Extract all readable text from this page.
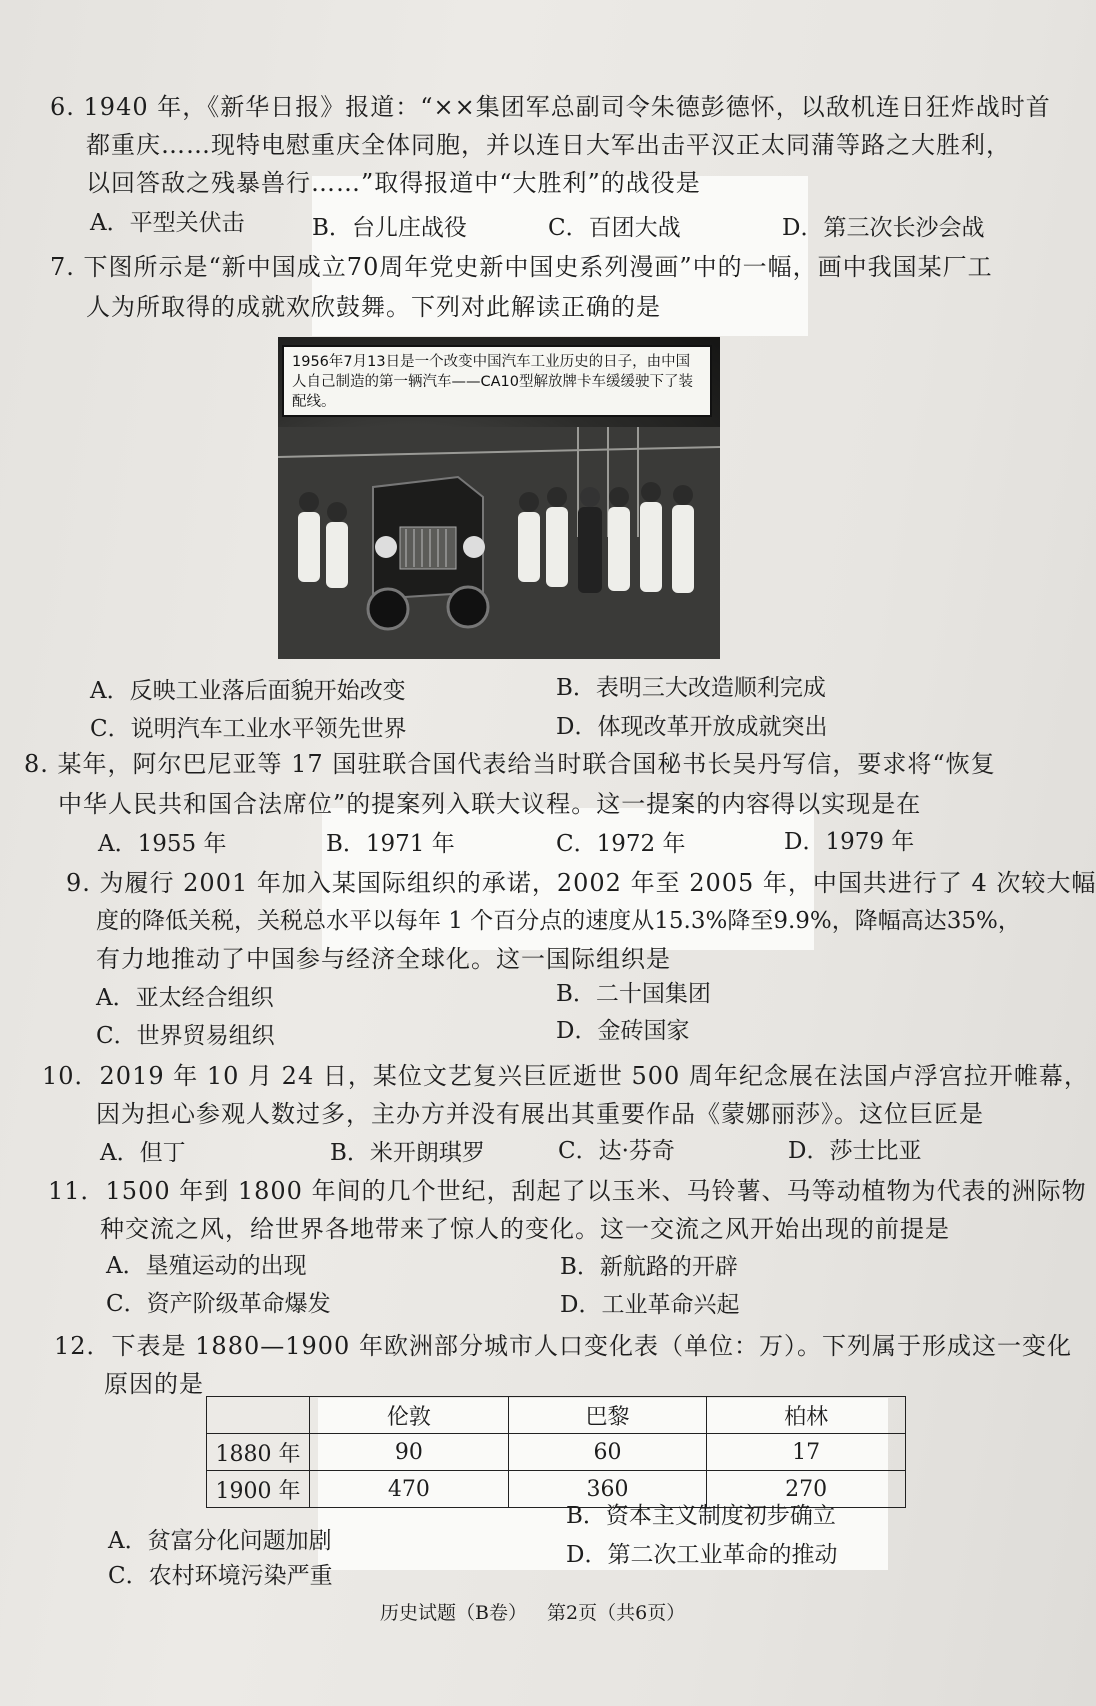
6. 1940 年，《新华日报》报道：“××集团军总副司令朱德彭德怀，以敌机连日狂炸战时首
都重庆……现特电慰重庆全体同胞，并以连日大军出击平汉正太同蒲等路之大胜利，
以回答敌之残暴兽行……”取得报道中“大胜利”的战役是
A．平型关伏击	B．台儿庄战役	C．百团大战	D．第三次长沙会战
7. 下图所示是“新中国成立70周年党史新中国史系列漫画”中的一幅，画中我国某厂工
人为所取得的成就欢欣鼓舞。下列对此解读正确的是
1956年7月13日是一个改变中国汽车工业历史的日子，由中国人自己制造的第一辆汽车——CA10型解放牌卡车缓缓驶下了装配线。
A．反映工业落后面貌开始改变	B．表明三大改造顺利完成
C．说明汽车工业水平领先世界	D．体现改革开放成就突出
8. 某年，阿尔巴尼亚等 17 国驻联合国代表给当时联合国秘书长吴丹写信，要求将“恢复
中华人民共和国合法席位”的提案列入联大议程。这一提案的内容得以实现是在
A．1955 年	B．1971 年	C．1972 年	D．1979 年
9. 为履行 2001 年加入某国际组织的承诺，2002 年至 2005 年，中国共进行了 4 次较大幅
度的降低关税，关税总水平以每年 1 个百分点的速度从15.3%降至9.9%，降幅高达35%，
有力地推动了中国参与经济全球化。这一国际组织是
A．亚太经合组织	B．二十国集团
C．世界贸易组织	D．金砖国家
10．2019 年 10 月 24 日，某位文艺复兴巨匠逝世 500 周年纪念展在法国卢浮宫拉开帷幕，
因为担心参观人数过多，主办方并没有展出其重要作品《蒙娜丽莎》。这位巨匠是
A．但丁	B．米开朗琪罗	C．达·芬奇	D．莎士比亚
11．1500 年到 1800 年间的几个世纪，刮起了以玉米、马铃薯、马等动植物为代表的洲际物
种交流之风，给世界各地带来了惊人的变化。这一交流之风开始出现的前提是
A．垦殖运动的出现	B．新航路的开辟
C．资产阶级革命爆发	D．工业革命兴起
12．下表是 1880—1900 年欧洲部分城市人口变化表（单位：万）。下列属于形成这一变化
原因的是
	伦敦	巴黎	柏林
1880 年	90	60	17
1900 年	470	360	270
A．贫富分化问题加剧
B．资本主义制度初步确立
C．农村环境污染严重
D．第二次工业革命的推动
历史试题（B卷） 第2页（共6页）
